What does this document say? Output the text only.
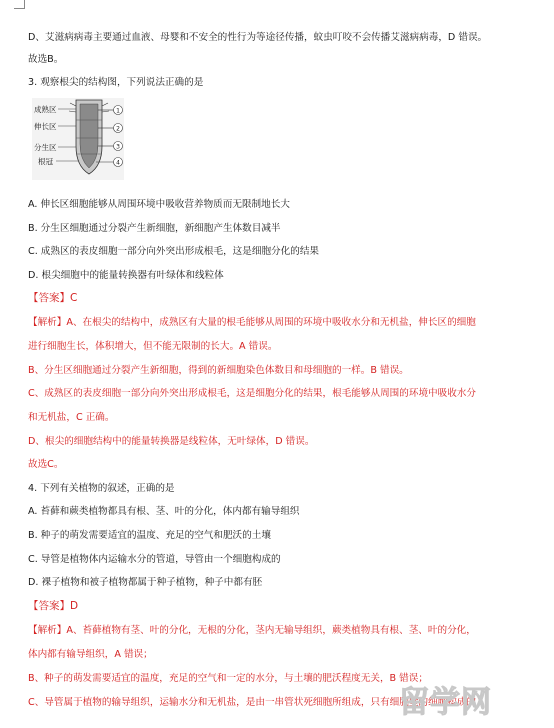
D、艾滋病病毒主要通过血液、母婴和不安全的性行为等途径传播，蚊虫叮咬不会传播艾滋病病毒，D 错误。
故选B。
3. 观察根尖的结构图，下列说法正确的是
成熟区
伸长区
分生区
根冠
1
2
3
4
A. 伸长区细胞能够从周围环境中吸收营养物质而无限制地长大
B. 分生区细胞通过分裂产生新细胞，新细胞产生体数目减半
C. 成熟区的表皮细胞一部分向外突出形成根毛，这是细胞分化的结果
D. 根尖细胞中的能量转换器有叶绿体和线粒体
【答案】C
【解析】A、在根尖的结构中，成熟区有大量的根毛能够从周围的环境中吸收水分和无机盐，伸长区的细胞
进行细胞生长，体积增大，但不能无限制的长大。A 错误。
B、分生区细胞通过分裂产生新细胞，得到的新细胞染色体数目和母细胞的一样。B 错误。
C、成熟区的表皮细胞一部分向外突出形成根毛，这是细胞分化的结果，根毛能够从周围的环境中吸收水分
和无机盐，C 正确。
D、根尖的细胞结构中的能量转换器是线粒体，无叶绿体，D 错误。
故选C。
4. 下列有关植物的叙述，正确的是
A. 苔藓和蕨类植物都具有根、茎、叶的分化，体内都有输导组织
B. 种子的萌发需要适宜的温度、充足的空气和肥沃的土壤
C. 导管是植物体内运输水分的管道，导管由一个细胞构成的
D. 裸子植物和被子植物都属于种子植物，种子中都有胚
【答案】D
【解析】A、苔藓植物有茎、叶的分化，无根的分化，茎内无输导组织，蕨类植物具有根、茎、叶的分化，
体内都有输导组织，A 错误；
B、种子的萌发需要适宜的温度，充足的空气和一定的水分，与土壤的肥沃程度无关，B 错误；
C、导管属于植物的输导组织，运输水分和无机盐，是由一串管状死细胞所组成，只有细胞壁的细胞构成的
留学网
